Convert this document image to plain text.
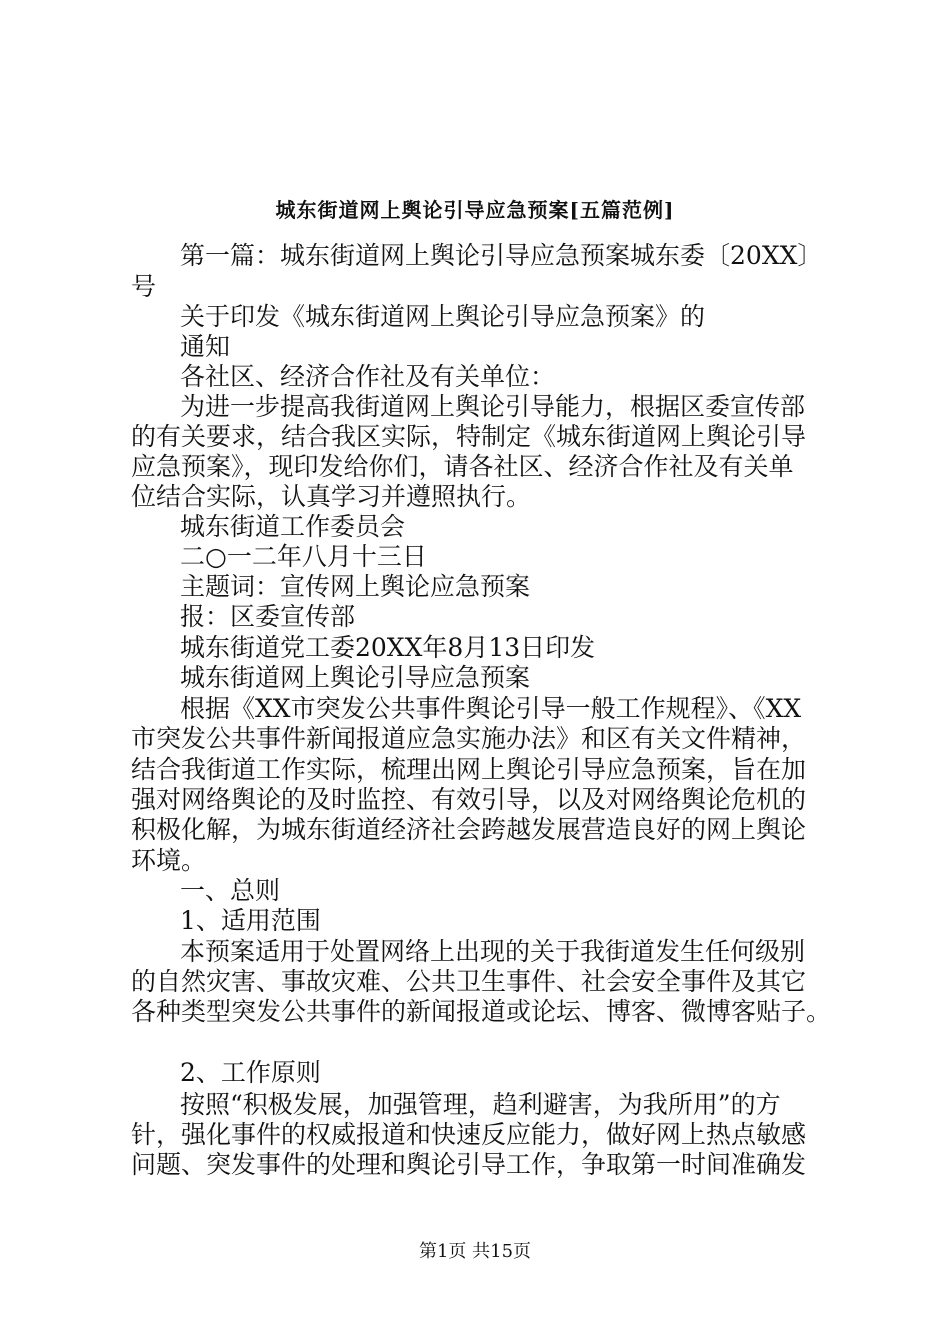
城东街道网上舆论引导应急预案[五篇范例]
第一篇：城东街道网上舆论引导应急预案城东委〔20XX〕
号
关于印发《城东街道网上舆论引导应急预案》的
通知
各社区、经济合作社及有关单位：
为进一步提高我街道网上舆论引导能力，根据区委宣传部
的有关要求，结合我区实际，特制定《城东街道网上舆论引导
应急预案》，现印发给你们，请各社区、经济合作社及有关单
位结合实际，认真学习并遵照执行。
城东街道工作委员会
二○一二年八月十三日
主题词：宣传网上舆论应急预案
报：区委宣传部
城东街道党工委20XX年8月13日印发
城东街道网上舆论引导应急预案
根据《XX市突发公共事件舆论引导一般工作规程》、《XX
市突发公共事件新闻报道应急实施办法》和区有关文件精神，
结合我街道工作实际，梳理出网上舆论引导应急预案，旨在加
强对网络舆论的及时监控、有效引导，以及对网络舆论危机的
积极化解，为城东街道经济社会跨越发展营造良好的网上舆论
环境。
一、总则
1、适用范围
本预案适用于处置网络上出现的关于我街道发生任何级别
的自然灾害、事故灾难、公共卫生事件、社会安全事件及其它
各种类型突发公共事件的新闻报道或论坛、博客、微博客贴子。
2、工作原则
按照“积极发展，加强管理，趋利避害，为我所用”的方
针，强化事件的权威报道和快速反应能力，做好网上热点敏感
问题、突发事件的处理和舆论引导工作，争取第一时间准确发
第1页 共15页
